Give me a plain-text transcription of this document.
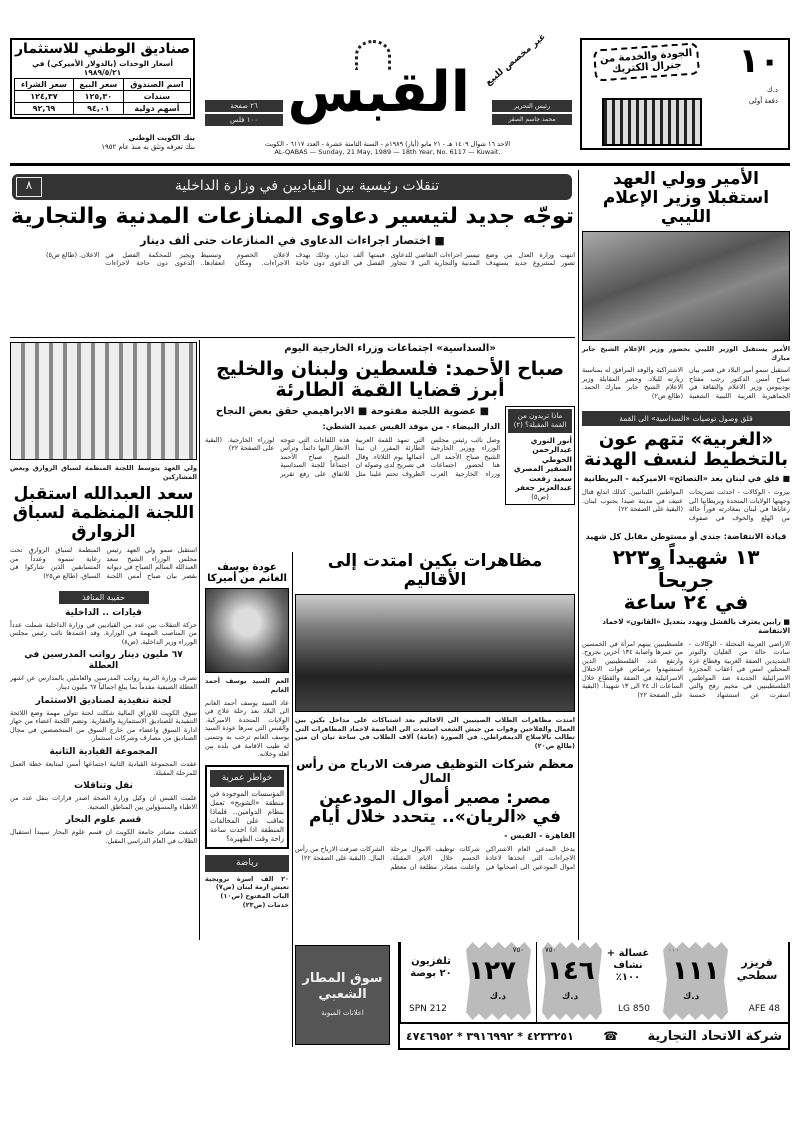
صناديق الوطني للاستثمار
أسعار الوحدات (بالدولار الأميركي) في ١٩٨٩/٥/٢١
اسم الصندوق	سعر البيع	سعر الشراء
سندات	١٢٥,٣٠	١٢٤,٣٧
أسهم دولية	٩٤,٠١	٩٢,٦٩
بنك الكويت الوطني
بنك تعرفه وتثق به منذ عام ١٩٥٢
٢٦ صفحة
١٠٠ فلس القبس غير مخصص للبيع
رئيس التحرير
محمد جاسم الصقر
١٠
د.ك
دفعة أولى
الجودة والخدمة من جنرال الكتريك
الاحد ١٦ شوال ١٤٠٩ هـ - ٢١ مايو (أيار) ١٩٨٩م - السنة الثامنة عشرة - العدد ٦١١٧ - الكويت
AL-QABAS — Sunday, 21 May, 1989 — 18th Year, No. 6117 — Kuwait.
الأمير وولي العهد استقبلا وزير الإعلام الليبي
الأمير يستقبل الوزير الليبي بحضور وزير الإعلام الشيخ جابر مبارك
استقبل سمو أمير البلاد في قصر بيان صباح أمس الدكتور رجب مفتاح بوديبوس وزير الاعلام والثقافة في الجماهيرية العربية الليبية الشعبية الاشتراكية والوفد المرافق له بمناسبة زيارته للبلاد. وحضر المقابلة وزير الاعلام الشيخ جابر مبارك الحمد. (طالع ص٢)
قلق وصول توصيات «السداسية» الى القمة
«الغربية» تتهم عون بالتخطيط لنسف الهدنة
■ قلق في لبنان بعد «النصائح» الاميركية - البريطانية
بيروت - الوكالات - احدثت تصريحات وجهتها الولايات المتحدة وبريطانيا الى رعاياها في لبنان بمغادرته فوراً حالة من الهلع والخوف في صفوف المواطنين اللبنانيين. كذلك اندلع قتال عنيف في مدينة صيدا بجنوب لبنان. (البقية على الصفحة ٢٢)
قيادة الانتفاضة: جندي أو مستوطن مقابل كل شهيد
١٣ شهيداً و٢٢٣ جريحاً
في ٢٤ ساعة
■ رابين يعترف بالفشل ويهدد بتعديل «القانون» لاخماد الانتفاضة
الاراضي العربية المحتلة - الوكالات - سادت حالة من الغليان والتوتر الشديدين الضفة الغربية وقطاع غزة المحتلين امس في اعقاب المجزرة الاسرائيلية الجديدة ضد المواطنين الفلسطينيين في مخيم رفح والتي اسفرت عن استشهاد خمسة فلسطينيين بينهم امرأة في الخمسين من عمرها واصابة ١٣٤ آخرين بجروح. وارتفع عدد الفلسطينيين الذين استشهدوا برصاص قوات الاحتلال الاسرائيلية في الضفة والقطاع خلال الساعات الـ ٢٤ الى ١٣ شهيداً. (البقية على الصفحة ٢٢)
تنقلات رئيسية بين القياديين في وزارة الداخلية
٨
توجّه جديد لتيسير دعاوى المنازعات المدنية والتجارية
■ اختصار اجراءات الدعاوى في المنازعات حتى ألف دينار
انتهت وزارة العدل من وضع تصور لمشروع جديد يستهدف تيسير اجراءات التقاضي للدعاوى المدنية والتجارية التي لا تتجاوز قيمتها ألف دينار، وذلك بهدف الفصل في الدعوى دون حاجة لاعلان الخصوم وتبسيط الاجراءات. ومكان انعقادها.. ويجيز للمحكمة الفصل في الدعوى دون حاجة لاجراءات الاعلان. (طالع ص٥)
ولي العهد يتوسط اللجنة المنظمة لسباق الزوارق وبعض المشاركين
سعد العبدالله استقبل اللجنة المنظمة لسباق الزوارق
استقبل سمو ولي العهد رئيس مجلس الوزراء الشيخ سعد العبدالله السالم الصباح في ديوانه بقصر بيان صباح أمس اللجنة المنظمة لسباق الزوارق تحت رعاية سموه وعدداً من المتسابقين الذين شاركوا في السباق. (طالع ص٢٥)
حقيبة المنافذ
قيادات .. الداخلية
حركة التنقلات بين عدد من القياديين في وزارة الداخلية شملت عدداً من المناصب المهمة في الوزارة. وقد اعتمدها نائب رئيس مجلس الوزراء وزير الداخلية. (ص٨)
٦٧ مليون دينار رواتب المدرسين في العطلة
تصرف وزارة التربية رواتب المدرسين والعاملين بالمدارس عن اشهر العطلة الصيفية مقدماً بما يبلغ اجمالياً ٦٧ مليون دينار.
لجنة تنفيذية لصناديق الاستثمار
سوق الكويت للاوراق المالية شكلت لجنة تتولى مهمة وضع اللائحة التنفيذية للصناديق الاستثمارية والعقارية. وتضم اللجنة اعضاء من جهاز ادارة السوق واعضاء من خارج السوق من المتخصصين في مجال الصناديق من مصارف وشركات استثمار.
المجموعة القيادية الثانية
عقدت المجموعة القيادية الثانية اجتماعها أمس لمتابعة خطة العمل للمرحلة المقبلة.
نقل وتناقلات
علمت القبس ان وكيل وزارة الصحة اصدر قرارات بنقل عدد من الاطباء والمسؤولين بين المناطق الصحية.
قسم علوم البحار
كشفت مصادر جامعة الكويت ان قسم علوم البحار سيبدأ استقبال الطلاب في العام الدراسي المقبل.
«السداسية» اجتماعات وزراء الخارجية اليوم
صباح الأحمد: فلسطين ولبنان والخليج
أبرز قضايا القمة الطارئة
ماذا تريدون من القمة المقبلة؟ (٢)
أنور النوري
عبدالرحمن الحوطي
السفير المصري سعيد رفعت
عبدالعزيز جعفر
(ص٥)
■ عضوية اللجنة مفتوحة ■ الابراهيمي حقق بعض النجاح
الدار البيضاء - من موفد القبس عميد الشطي:
وصل نائب رئيس مجلس الوزراء ووزير الخارجية الشيخ صباح الأحمد الى هنا لحضور اجتماعات وزراء الخارجية العرب التي تمهد للقمة العربية الطارئة المقرر ان تبدأ أعمالها يوم الثلاثاء. وقال في تصريح لدى وصوله ان الظروف تحتم علينا مثل هذه اللقاءات التي تتوجه الانظار اليها دائماً. وترأس الشيخ صباح الأحمد اجتماعاً للجنة السداسية للاتفاق على رفع تقرير لوزراء الخارجية. (البقية على الصفحة ٢٢)
عودة يوسف الغانم من أميركا
العم السيد يوسف أحمد الغانم
عاد السيد يوسف أحمد الغانم الى البلاد بعد رحلة علاج في الولايات المتحدة الاميركية. والقبس التي سرها عودة السيد يوسف الغانم ترحب به وتتمنى له طيب الاقامة في بلده بين اهله وخلانه.
خواطر عمرية
المؤسسات الموجودة في منطقة «الشويخ» تعمل بنظام الدوامين.. فلماذا تعاقب على المخالفات المنطقة اذا اخذت ساعة راحة وقت الظهيرة؟
رياضة
٢٠ الف اسرة نرويجية تعيش ازمة لبنان (ص٧)
الباب المفتوح (ص١٠)
خدمات (ص٢٣)
مظاهرات بكين امتدت إلى الأقاليم
امتدت مظاهرات الطلاب الصينيين الى الاقاليم بعد اشتباكات على مداخل بكين بين العمال والفلاحين وقوات من جيش الشعب استعدت الى العاصمة لاخماد المظاهرات التي تطالب بالاصلاح الديمقراطي. في الصورة (عامة) آلاف الطلاب في ساحة تيان ان مين (طالع ص٢٠)
معظم شركات التوظيف صرفت الارباح من رأس المال
مصر: مصير أموال المودعين
في «الريان».. يتحدد خلال أيام
القاهرة - القبس -
يدخل المدعي العام الاشتراكي الاجراءات التي اتخذها لاعادة اموال المودعين الى اصحابها في شركات توظيف الاموال مرحلة الحسم خلال الايام المقبلة. واعلنت مصادر مطلعة ان معظم الشركات صرفت الارباح من رأس المال. (البقية على الصفحة ٢٢)
سوق المطار الشعبي
اعلانات المبوبة
فريزر سطحي
٠٠٠
١١١
د.ك
AFE 48
غسالة + نشاف ١٠٠٪
٧٥٠
١٤٦
د.ك
LG 850
تلفزيون ٢٠ بوصة
٧٥٠
١٢٧
د.ك
SPN 212
شركة الاتحاد التجارية
☎
٤٢٣٣٢٥١ * ٣٩١٦٩٩٢ * ٤٧٤٦٩٥٢
